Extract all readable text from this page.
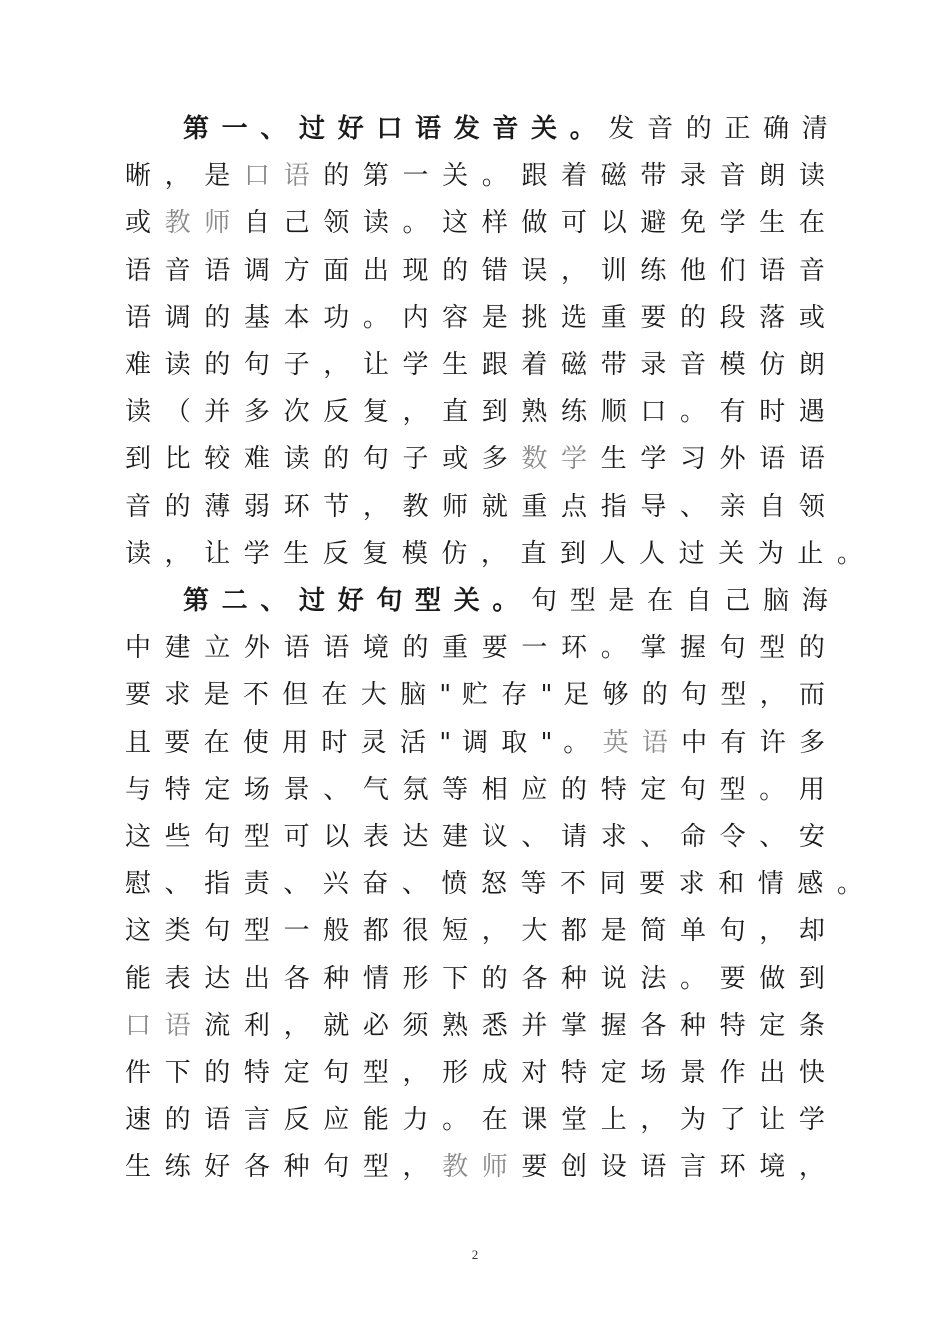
第 一 、 过 好 口 语 发 音 关 。 发 音 的 正 确 清
晰 ， 是 口 语 的 第 一 关 。 跟 着 磁 带 录 音 朗 读
或 教 师 自 己 领 读 。 这 样 做 可 以 避 免 学 生 在
语 音 语 调 方 面 出 现 的 错 误 ， 训 练 他 们 语 音
语 调 的 基 本 功 。 内 容 是 挑 选 重 要 的 段 落 或
难 读 的 句 子 ， 让 学 生 跟 着 磁 带 录 音 模 仿 朗
读 （ 并 多 次 反 复 ， 直 到 熟 练 顺 口 。 有 时 遇
到 比 较 难 读 的 句 子 或 多 数 学 生 学 习 外 语 语
音 的 薄 弱 环 节 ， 教 师 就 重 点 指 导 、 亲 自 领
读 ， 让 学 生 反 复 模 仿 ， 直 到 人 人 过 关 为 止 。
第 二 、 过 好 句 型 关 。 句 型 是 在 自 己 脑 海
中 建 立 外 语 语 境 的 重 要 一 环 。 掌 握 句 型 的
要 求 是 不 但 在 大 脑 " 贮 存 " 足 够 的 句 型 ， 而
且 要 在 使 用 时 灵 活 " 调 取 " 。 英 语 中 有 许 多
与 特 定 场 景 、 气 氛 等 相 应 的 特 定 句 型 。 用
这 些 句 型 可 以 表 达 建 议 、 请 求 、 命 令 、 安
慰 、 指 责 、 兴 奋 、 愤 怒 等 不 同 要 求 和 情 感 。
这 类 句 型 一 般 都 很 短 ， 大 都 是 简 单 句 ， 却
能 表 达 出 各 种 情 形 下 的 各 种 说 法 。 要 做 到
口 语 流 利 ， 就 必 须 熟 悉 并 掌 握 各 种 特 定 条
件 下 的 特 定 句 型 ， 形 成 对 特 定 场 景 作 出 快
速 的 语 言 反 应 能 力 。 在 课 堂 上 ， 为 了 让 学
生 练 好 各 种 句 型 ， 教 师 要 创 设 语 言 环 境 ，
2
